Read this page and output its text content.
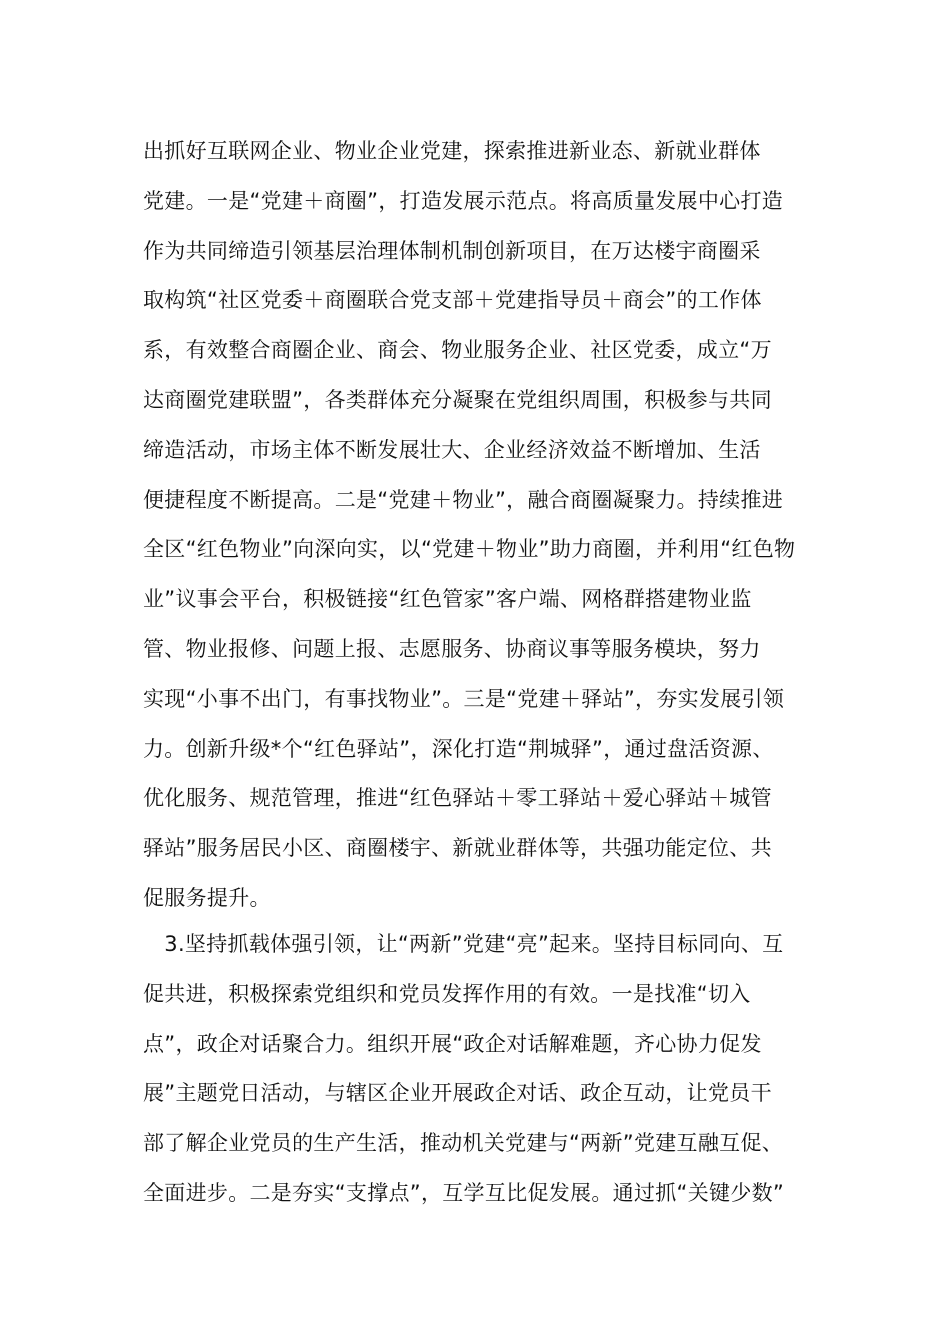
出抓好互联网企业、物业企业党建，探索推进新业态、新就业群体
党建。一是“党建＋商圈”，打造发展示范点。将高质量发展中心打造
作为共同缔造引领基层治理体制机制创新项目，在万达楼宇商圈采
取构筑“社区党委＋商圈联合党支部＋党建指导员＋商会”的工作体
系，有效整合商圈企业、商会、物业服务企业、社区党委，成立“万
达商圈党建联盟”，各类群体充分凝聚在党组织周围，积极参与共同
缔造活动，市场主体不断发展壮大、企业经济效益不断增加、生活
便捷程度不断提高。二是“党建＋物业”，融合商圈凝聚力。持续推进
全区“红色物业”向深向实，以“党建＋物业”助力商圈，并利用“红色物
业”议事会平台，积极链接“红色管家”客户端、网格群搭建物业监
管、物业报修、问题上报、志愿服务、协商议事等服务模块，努力
实现“小事不出门，有事找物业”。三是“党建＋驿站”，夯实发展引领
力。创新升级*个“红色驿站”，深化打造“荆城驿”，通过盘活资源、
优化服务、规范管理，推进“红色驿站＋零工驿站＋爱心驿站＋城管
驿站”服务居民小区、商圈楼宇、新就业群体等，共强功能定位、共
促服务提升。
　3.坚持抓载体强引领，让“两新”党建“亮”起来。坚持目标同向、互
促共进，积极探索党组织和党员发挥作用的有效。一是找准“切入
点”，政企对话聚合力。组织开展“政企对话解难题，齐心协力促发
展”主题党日活动，与辖区企业开展政企对话、政企互动，让党员干
部了解企业党员的生产生活，推动机关党建与“两新”党建互融互促、
全面进步。二是夯实“支撑点”，互学互比促发展。通过抓“关键少数”
